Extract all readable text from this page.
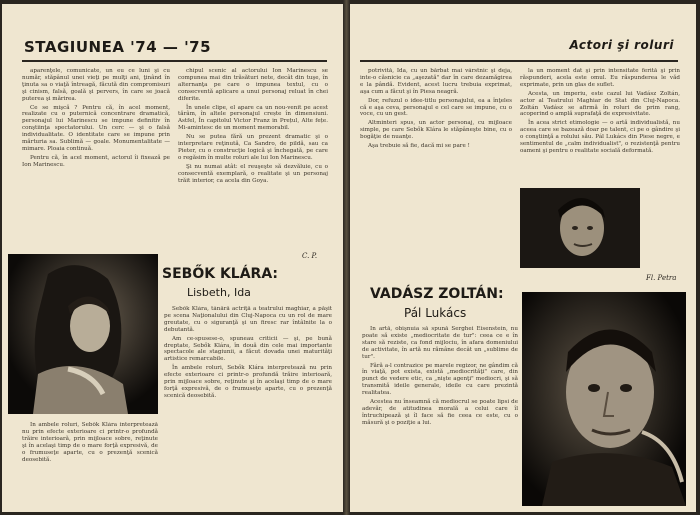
STAGIUNEA '74 — '75

aparenţele, comunicate, un eu ce luni şi cu număr, stăpânul unei vieţi pe mulţi ani, ţinând în ţinuta sa o viaţă întreagă, făcută din compromisuri şi cinism, falsă, goală şi pervers, în care se joacă puterea şi mărirea.

Ce se mişcă ? Pentru că, în acel moment, realizate cu o puternică concentrare dramatică, personajul lui Marinescu se impune definitiv în conştiinţa spectatorului. Un cerc — şi o falsă individualitate. O identitate care se impune prin mărturia sa. Sublimă — goale. Monumentalitate — mimare. Ploaia continuă.

Pentru că, în acel moment, actorul îi fixează pe Ion Marinescu.

chipul scenic al actorului Ion Marinescu se compunea mai din trăsături nete, decât din tuşe, în alternanţa pe care o impunea textul, cu o consecventă aplicare a unui personaj reluat în chei diferite.

În unele clipe, el apare ca un nou-venit pe acest tărâm, în altele personajul crește în dimensiuni. Astfel, În capitolul Victor Franz in Prețul, Alte fețe. Mi-amintesc de un moment memorabil.

Nu se putea fără un prezent dramatic şi o interpretare reţinută, Ca Sandro, de pildă, sau ca Pieter, cu o construcţie logică şi închegată, pe care o regăsim în multe roluri ale lui Ion Marinescu.

Şi nu numai atât: el reuşeşte să dezvăluie, cu o consecventă exemplară, o realitate şi un personaj trăit interior, ca acela din Goya.

C. P.
SEBŐK KLÁRA:
Lisbeth, Ida

Sebők Klára, tânără actriţă a teatrului maghiar, a păşit pe scena Naţionalului din Cluj-Napoca cu un rol de mare greutate, cu o siguranţă şi un firesc rar întâlnite la o debutantă.

Am ce-spusese-o, spuneau criticii — şi, pe bună dreptate, Sebők Klára, în două din cele mai importante spectacole ale stagiunii, a făcut dovada unei maturităţi artistice remarcabile.

În ambele roluri, Sebők Klára interpretează nu prin efecte exterioare ci printr-o profundă trăire interioară, prin mijloace sobre, reţinute şi în acelaşi timp de o mare forţă expresivă, de o frumuseţe aparte, cu o prezenţă scenică deosebită.

În ambele roluri, Sebők Klára interpretează nu prin efecte exterioare ci printr-o profundă trăire interioară, prin mijloace sobre, reţinute şi în acelaşi timp de o mare forţă expresivă, de o frumuseţe aparte, cu o prezenţă scenică deosebită.

Actori şi roluri

potrivită, Ida, cu un bărbat mai vârstnic şi deja, inte-o căsnicie ca „aşezată" dar în care dezamăgirea e la pândă. Evident, acest lucru trebuia exprimat, aşa cum a făcut şi în Piesa neagră.

Dor, refuzul o idee-titlu personajului, ea a înţeles că e aşa ceva, personajul e cel care se impune, cu o voce, cu un gest.

Altminteri spus, un actor personaj, cu mijloace simple, pe care Sebők Klára le stăpâneşte bine, cu o bogăţie de nuanţe.

Aşa trebuie să fie, dacă mi se pare !

la un moment dat şi prin intensitate ferită şi prin răspunderi, acela este omul. Eu răspunderea le văd exprimate, prin un glas de suflet.

Acesta, un imperiu, este cazul lui Vadász Zoltán, actor al Teatrului Maghiar de Stat din Cluj-Napoca. Zoltán Vadász se afirmă în roluri de prim rang, acoperind o amplă suprafaţă de expresivitate.

În acea strict etimologie — o artă individualistă, nu aceea care se bazează doar pe talent, ci pe o gândire şi o conştiinţă a rolului său. Pál Lukács din Piese negre, e sentimentul de „calm individualist", o rezistenţă pentru oameni şi pentru o realitate socială deformată.

Fl. Petra
VADÁSZ ZOLTÁN:
Pál Lukács

În artă, obişnuia să spună Serghei Eisenstein, nu poate să existe „mediocritate de tur": ceea ce e în stare să reziste, ca fond mijlociu, în afara domeniului de activitate, în artă nu rămâne decât un „sublime de tur".

Fără a-l contrazice pe marele regizor, ne gândim că în viaţă, pot exista, există „mediocrităţi" care, din punct de vedere etic, ca „nişte agenţi" mediocri, şi să transmită ideile generale, ideile cu care prezintă realitatea.

Acestea nu înseamnă că mediocrul se poate lipsi de adevăr, de atitudinea morală a celui care îl întruchipează şi îl face să fie ceea ce este, cu o măsură şi o poziţie a lui.
